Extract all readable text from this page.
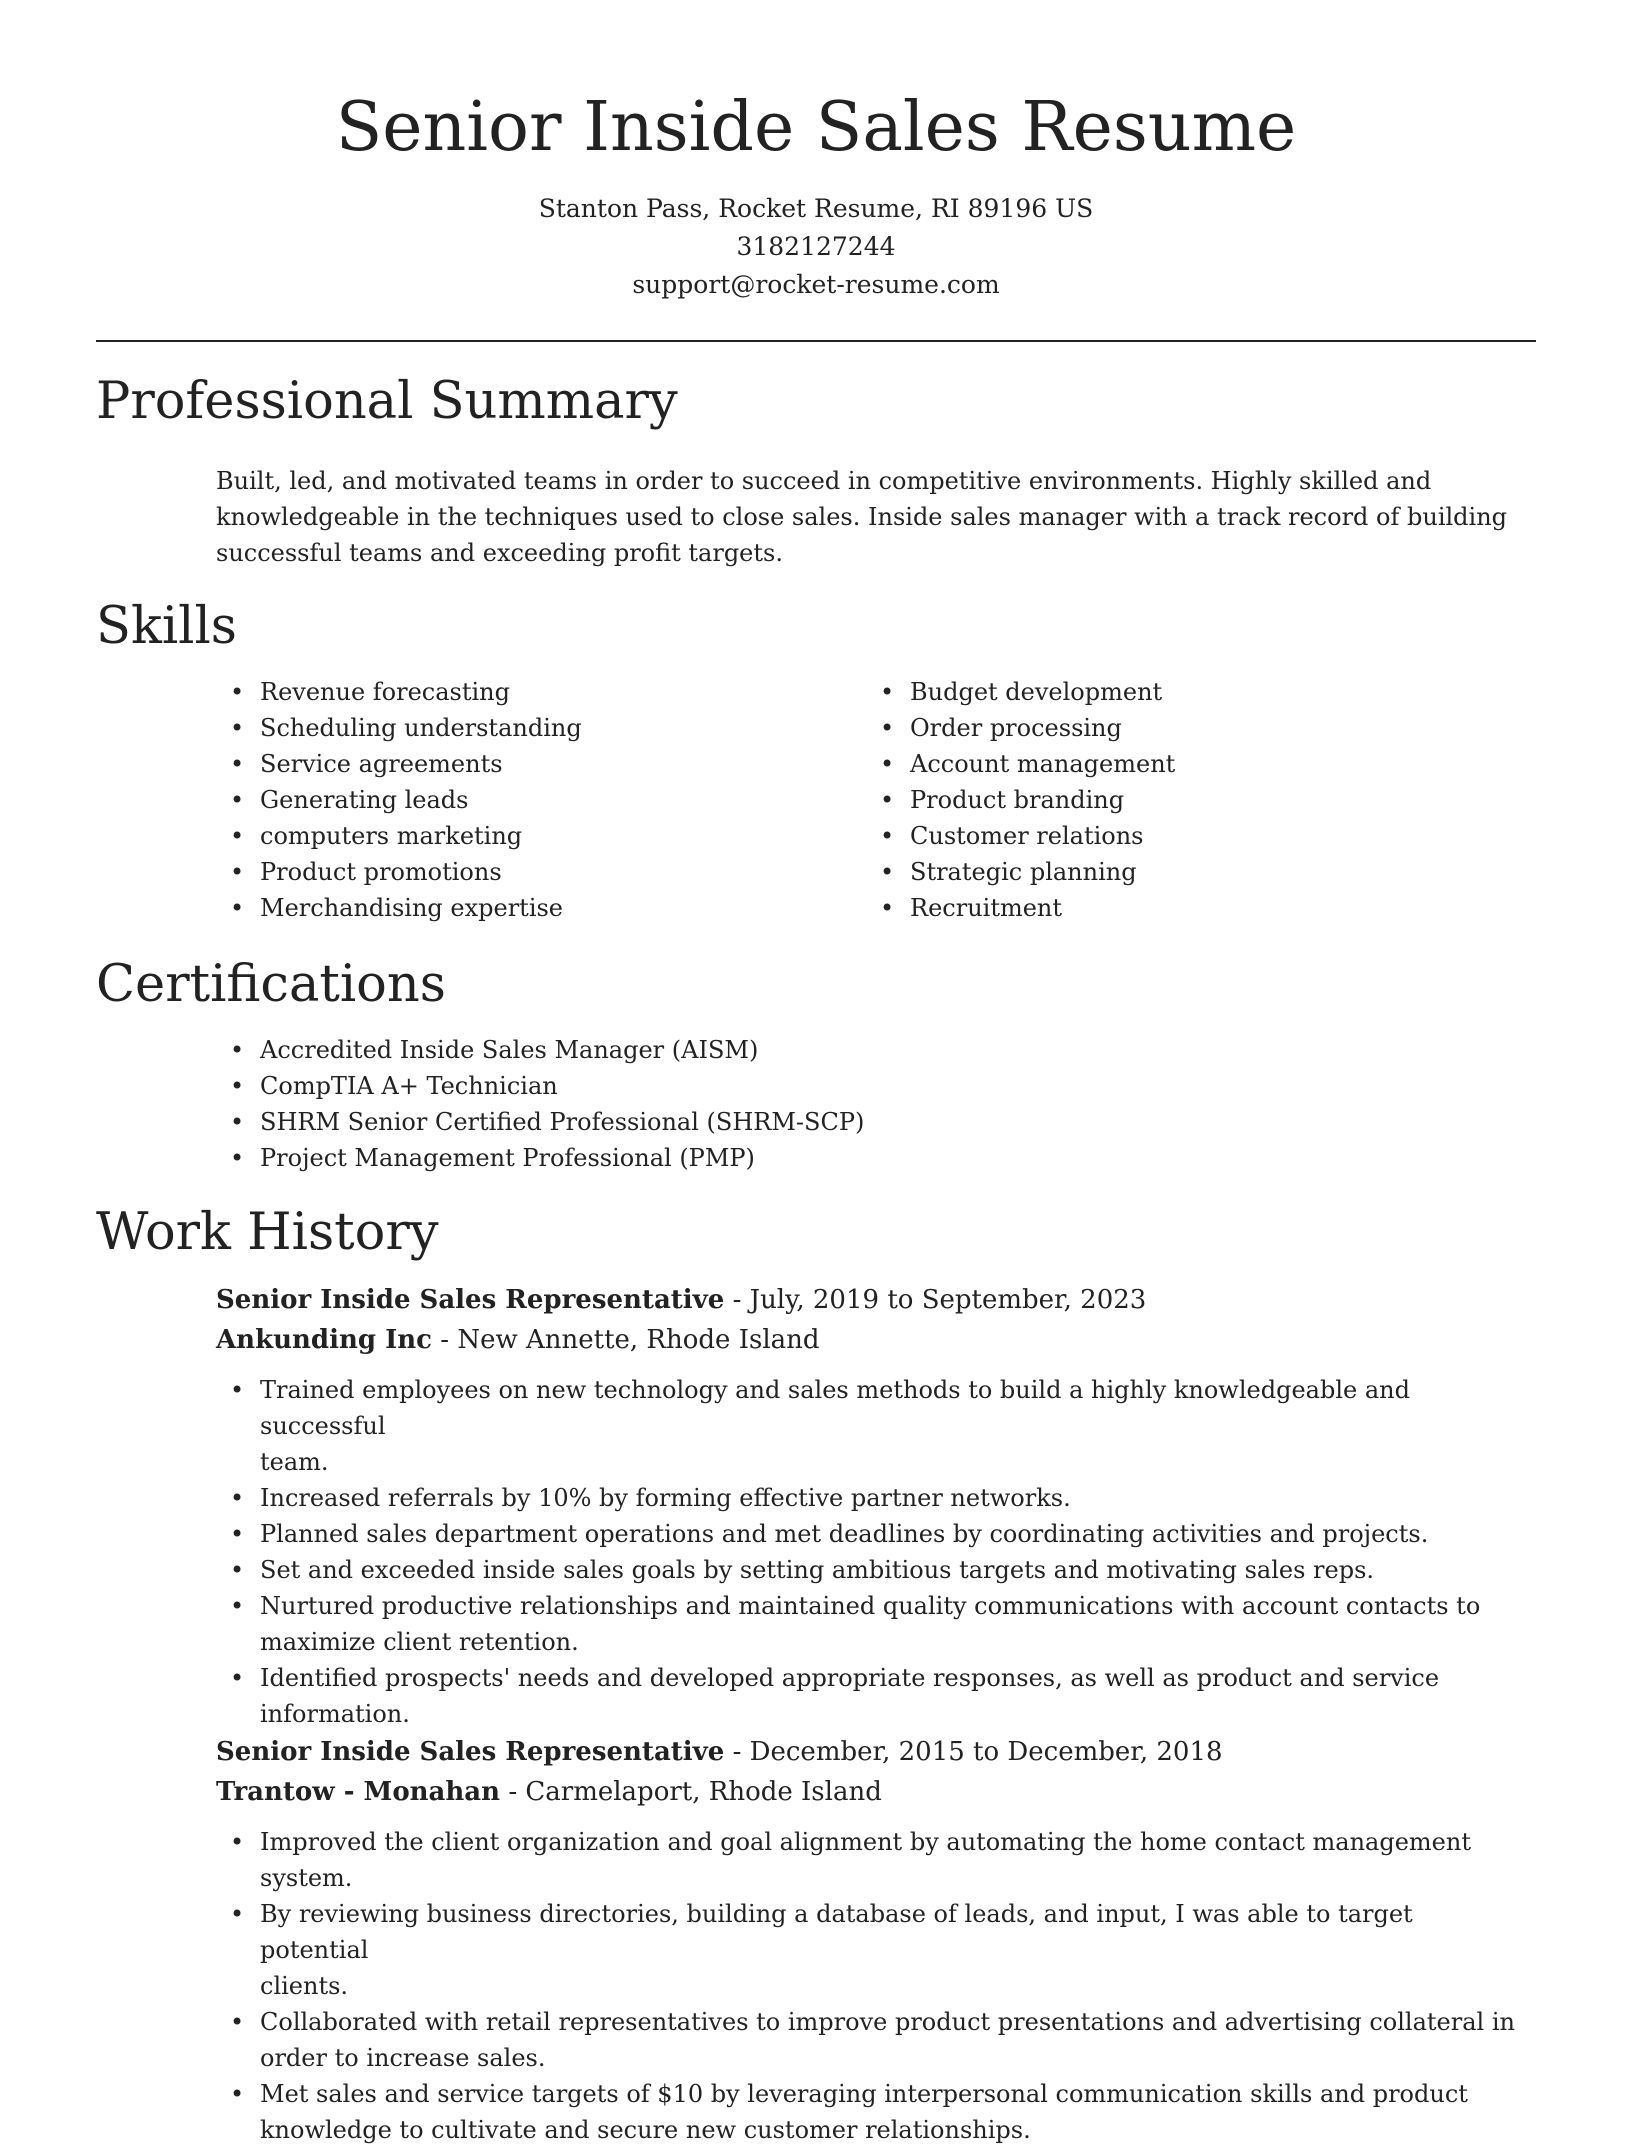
Senior Inside Sales Resume

Stanton Pass, Rocket Resume, RI 89196 US

3182127244

support@rocket-resume.com

Professional Summary
Built, led, and motivated teams in order to succeed in competitive environments. Highly skilled and
knowledgeable in the techniques used to close sales. Inside sales manager with a track record of building
successful teams and exceeding profit targets.
Skills
• Revenue forecasting
• Scheduling understanding
• Service agreements
• Generating leads
• computers marketing
• Product promotions
• Merchandising expertise
• Budget development
• Order processing
• Account management
• Product branding
• Customer relations
• Strategic planning
• Recruitment
Certifications
• Accredited Inside Sales Manager (AISM)
• CompTIA A+ Technician
• SHRM Senior Certified Professional (SHRM-SCP)
• Project Management Professional (PMP)
Work History

Senior Inside Sales Representative - July, 2019 to September, 2023

Ankunding Inc - New Annette, Rhode Island

• Trained employees on new technology and sales methods to build a highly knowledgeable and successful
team.
• Increased referrals by 10% by forming effective partner networks.
• Planned sales department operations and met deadlines by coordinating activities and projects.
• Set and exceeded inside sales goals by setting ambitious targets and motivating sales reps.
• Nurtured productive relationships and maintained quality communications with account contacts to
maximize client retention.
• Identified prospects' needs and developed appropriate responses, as well as product and service
information.

Senior Inside Sales Representative - December, 2015 to December, 2018

Trantow - Monahan - Carmelaport, Rhode Island

• Improved the client organization and goal alignment by automating the home contact management
system.
• By reviewing business directories, building a database of leads, and input, I was able to target potential
clients.
• Collaborated with retail representatives to improve product presentations and advertising collateral in
order to increase sales.
• Met sales and service targets of $10 by leveraging interpersonal communication skills and product
knowledge to cultivate and secure new customer relationships.
